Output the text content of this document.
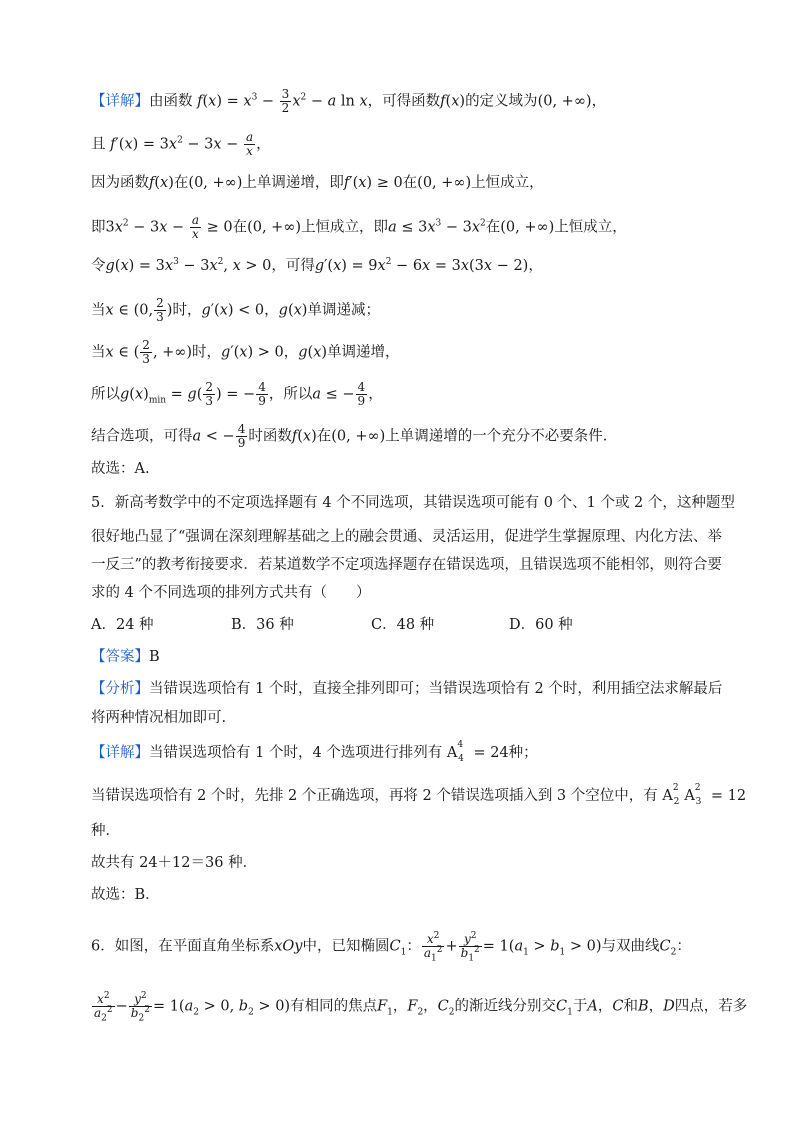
【详解】由函数 $f(x) = x^3 - \frac{3}{2} x^2 - a$ ln x，可得函数f(x)的定义域为(0, +∞)，
且 $f'(x) = 3x^2 - 3x - \frac{a}{x}$ ，
因为函数f(x)在(0, +∞)上单调递增，即f′(x) ≥ 0在(0, +∞)上恒成立，
即$3x^2 - 3x - \frac{a}{x} \ge 0$在(0, +∞)上恒成立，即$a \le 3x^3 - 3x^2$在(0, +∞)上恒成立，
令$g(x) = 3x^3 - 3x^2$, x > 0，可得$g'(x) = 9x^2 - 6x = 3x(3x - 2)$，
当x ∈ (0, $\frac{2}{3}$ )时，g′(x) < 0，g(x)单调递减；
当x ∈ ( $\frac{2}{3}$ , +∞)时，g′(x) > 0，g(x)单调递增，
所以$g(x)_{min} = g( \frac{2}{3}$ ) = − $\frac{4}{9}$ ，所以a ≤ − $\frac{4}{9}$ ，
结合选项，可得a < − $\frac{4}{9}$ 时函数f(x)在(0, +∞)上单调递增的一个充分不必要条件.
故选：A.
5．新高考数学中的不定项选择题有 4 个不同选项，其错误选项可能有 0 个、1 个或 2 个，这种题型
很好地凸显了“强调在深刻理解基础之上的融会贯通、灵活运用，促进学生掌握原理、内化方法、举
一反三”的教考衔接要求．若某道数学不定项选择题存在错误选项，且错误选项不能相邻，则符合要
求的 4 个不同选项的排列方式共有（　　）
A．24 种	B．36 种	C．48 种	D．60 种
【答案】B
【分析】当错误选项恰有 1 个时，直接全排列即可；当错误选项恰有 2 个时，利用插空法求解最后
将两种情况相加即可.
【详解】当错误选项恰有 1 个时，4 个选项进行排列有 $A^4_4 = 24$种；
当错误选项恰有 2 个时，先排 2 个正确选项，再将 2 个错误选项插入到 3 个空位中，有 $A^2_2$ $A^2_3 = 12$
种．
故共有 24＋12＝36 种．
故选：B．
6．如图，在平面直角坐标系xOy中，已知椭圆$C_1$： $\frac{x^2}{a_1^2} + \frac{y^2}{b_1^2} = 1(a_1 > b_1 > 0)$与双曲线$C_2$：
$\frac{x^2}{a_2^2} - \frac{y^2}{b_2^2} = 1(a_2 > 0$, $b_2 > 0$)有相同的焦点$F_1$，$F_2$，$C_2$的渐近线分别交$C_1$于A，C和B，D四点，若多
